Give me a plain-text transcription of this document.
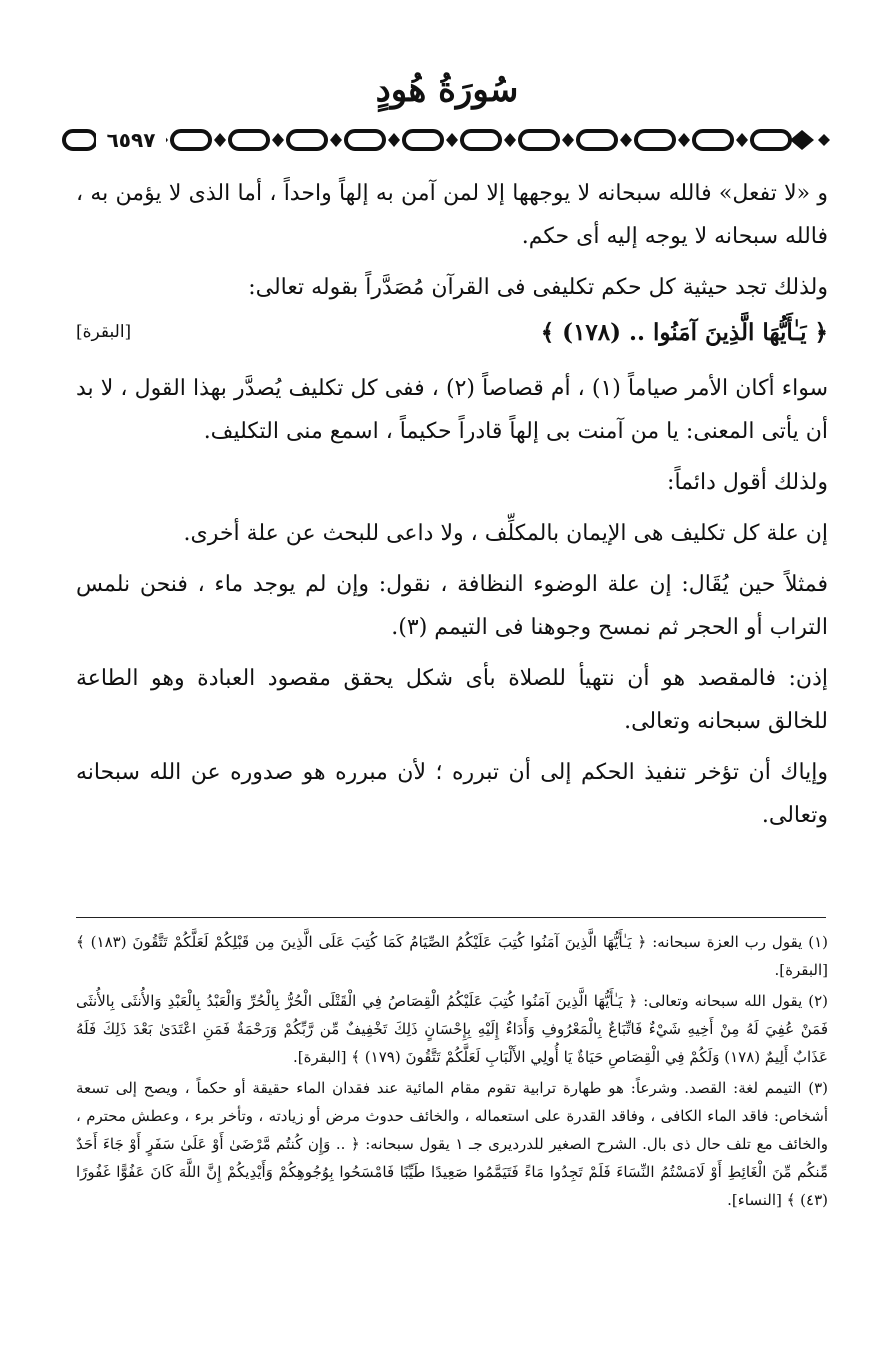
سُورَةُ هُودٍ
٦٥٩٧

و «لا تفعل» فالله سبحانه لا يوجهها إلا لمن آمن به إلهاً واحداً ، أما الذى لا يؤمن به ، فالله سبحانه لا يوجه إليه أى حكم.

ولذلك تجد حيثية كل حكم تكليفى فى القرآن مُصَدَّراً بقوله تعالى:

﴿ يَـٰأَيُّهَا الَّذِينَ آمَنُوا .. (١٧٨) ﴾
[البقرة]

سواء أكان الأمر صياماً (١) ، أم قصاصاً (٢) ، ففى كل تكليف يُصدَّر بهذا القول ، لا بد أن يأتى المعنى: يا من آمنت بى إلهاً قادراً حكيماً ، اسمع منى التكليف.

ولذلك أقول دائماً:

إن علة كل تكليف هى الإيمان بالمكلِّف ، ولا داعى للبحث عن علة أخرى.

فمثلاً حين يُقَال: إن علة الوضوء النظافة ، نقول: وإن لم يوجد ماء ، فنحن نلمس التراب أو الحجر ثم نمسح وجوهنا فى التيمم (٣).

إذن: فالمقصد هو أن نتهيأ للصلاة بأى شكل يحقق مقصود العبادة وهو الطاعة للخالق سبحانه وتعالى.

وإياك أن تؤخر تنفيذ الحكم إلى أن تبرره ؛ لأن مبرره هو صدوره عن الله سبحانه وتعالى.

(١) يقول رب العزة سبحانه: ﴿ يَـٰأَيُّهَا الَّذِينَ آمَنُوا كُتِبَ عَلَيْكُمُ الصِّيَامُ كَمَا كُتِبَ عَلَى الَّذِينَ مِن قَبْلِكُمْ لَعَلَّكُمْ تَتَّقُونَ (١٨٣) ﴾ [البقرة].

(٢) يقول الله سبحانه وتعالى: ﴿ يَـٰأَيُّهَا الَّذِينَ آمَنُوا كُتِبَ عَلَيْكُمُ الْقِصَاصُ فِي الْقَتْلَى الْحُرُّ بِالْحُرِّ وَالْعَبْدُ بِالْعَبْدِ وَالأُنثَى بِالأُنثَى فَمَنْ عُفِيَ لَهُ مِنْ أَخِيهِ شَيْءٌ فَاتِّبَاعٌ بِالْمَعْرُوفِ وَأَدَاءٌ إِلَيْهِ بِإِحْسَانٍ ذَلِكَ تَخْفِيفٌ مِّن رَّبِّكُمْ وَرَحْمَةٌ فَمَنِ اعْتَدَىٰ بَعْدَ ذَلِكَ فَلَهُ عَذَابٌ أَلِيمٌ (١٧٨) وَلَكُمْ فِي الْقِصَاصِ حَيَاةٌ يَا أُولِي الأَلْبَابِ لَعَلَّكُمْ تَتَّقُونَ (١٧٩) ﴾ [البقرة].

(٣) التيمم لغة: القصد. وشرعاً: هو طهارة ترابية تقوم مقام المائية عند فقدان الماء حقيقة أو حكماً ، ويصح إلى تسعة أشخاص: فاقد الماء الكافى ، وفاقد القدرة على استعماله ، والخائف حدوث مرض أو زيادته ، وتأخر برء ، وعطش محترم ، والخائف مع تلف حال ذى بال. الشرح الصغير للدرديرى جـ ١ يقول سبحانه: ﴿ .. وَإِن كُنتُم مَّرْضَىٰ أَوْ عَلَىٰ سَفَرٍ أَوْ جَاءَ أَحَدٌ مِّنكُم مِّنَ الْغَائِطِ أَوْ لَامَسْتُمُ النِّسَاءَ فَلَمْ تَجِدُوا مَاءً فَتَيَمَّمُوا صَعِيدًا طَيِّبًا فَامْسَحُوا بِوُجُوهِكُمْ وَأَيْدِيكُمْ إِنَّ اللَّهَ كَانَ عَفُوًّا غَفُورًا (٤٣) ﴾ [النساء].
